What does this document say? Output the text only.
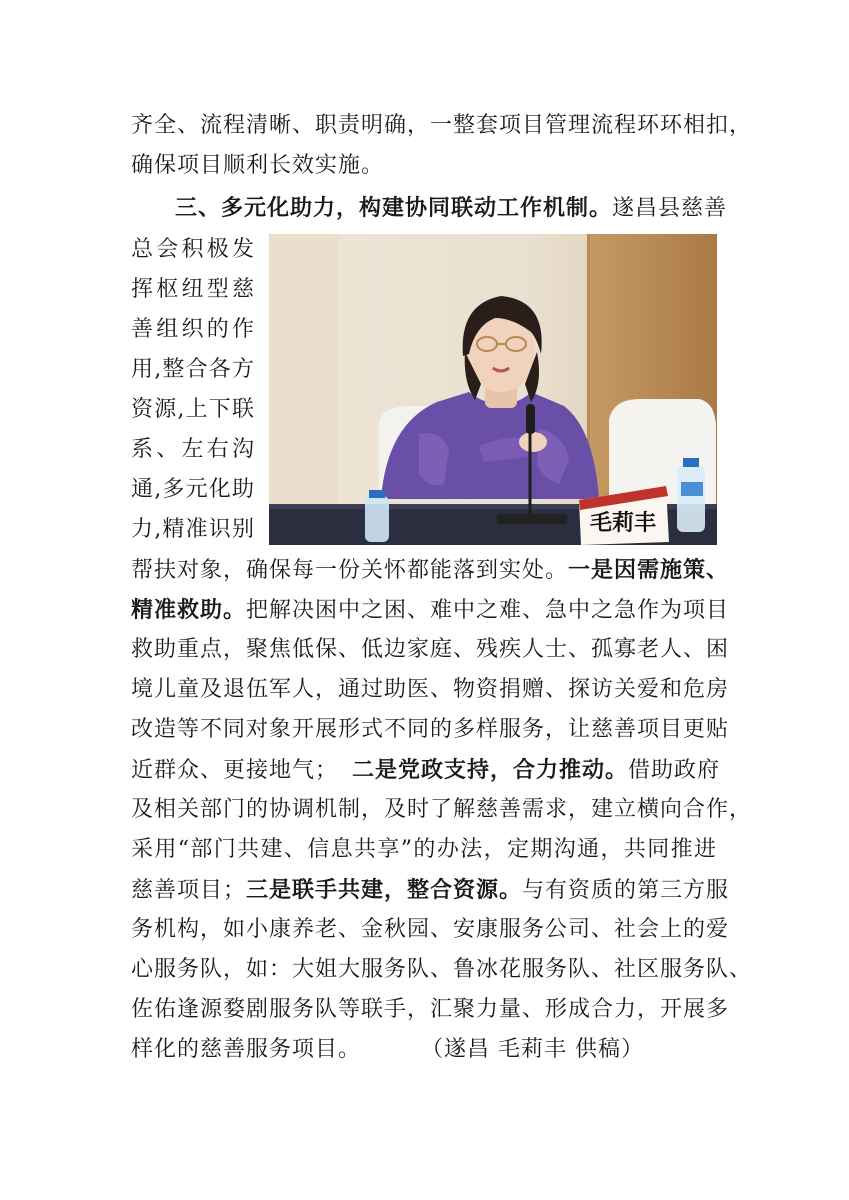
齐全、流程清晰、职责明确，一整套项目管理流程环环相扣，
确保项目顺利长效实施。
三、多元化助力，构建协同联动工作机制。遂昌县慈善
总会积极发
挥枢纽型慈
善组织的作
用,整合各方
资源,上下联
系、左右沟
通,多元化助
力,精准识别	毛莉丰
帮扶对象，确保每一份关怀都能落到实处。一是因需施策、
精准救助。把解决困中之困、难中之难、急中之急作为项目
救助重点，聚焦低保、低边家庭、残疾人士、孤寡老人、困
境儿童及退伍军人，通过助医、物资捐赠、探访关爱和危房
改造等不同对象开展形式不同的多样服务，让慈善项目更贴
近群众、更接地气； 二是党政支持，合力推动。借助政府
及相关部门的协调机制，及时了解慈善需求，建立横向合作，
采用“部门共建、信息共享”的办法，定期沟通，共同推进
慈善项目；三是联手共建，整合资源。与有资质的第三方服
务机构，如小康养老、金秋园、安康服务公司、社会上的爱
心服务队，如：大姐大服务队、鲁冰花服务队、社区服务队、
佐佑逢源婺剧服务队等联手，汇聚力量、形成合力，开展多
样化的慈善服务项目。	（遂昌 毛莉丰 供稿）
